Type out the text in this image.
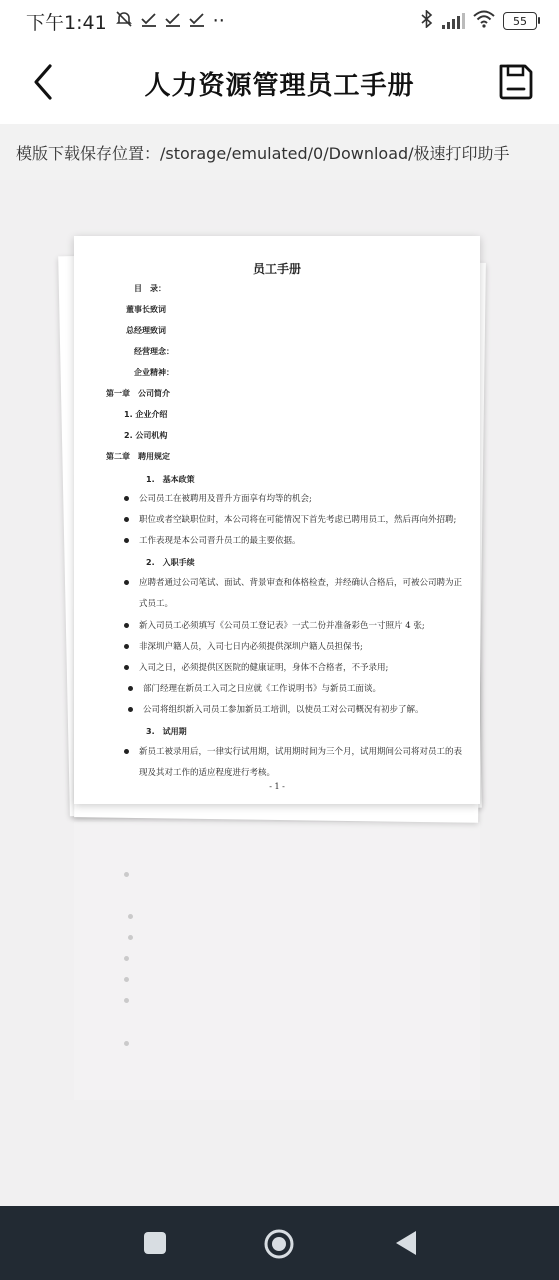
下午1:41	··	55
人力资源管理员工手册
模版下载保存位置：/storage/emulated/0/Download/极速打印助手
员工手册
目　录：
董事长致词
总经理致词
经营理念：
企业精神：
第一章　公司简介
1. 企业介绍
2. 公司机构
第二章　聘用规定
1.　基本政策
公司员工在被聘用及晋升方面享有均等的机会;
职位或者空缺职位时，本公司将在可能情况下首先考虑已聘用员工，然后再向外招聘;
工作表现是本公司晋升员工的最主要依据。
2.　入职手续
应聘者通过公司笔试、面试、背景审查和体格检查，并经确认合格后，可被公司聘为正
式员工。
新入司员工必须填写《公司员工登记表》一式二份并准备彩色一寸照片 4 张;
非深圳户籍人员，入司七日内必须提供深圳户籍人员担保书;
入司之日，必须提供区医院的健康证明，身体不合格者，不予录用;
部门经理在新员工入司之日应就《工作说明书》与新员工面谈。
公司将组织新入司员工参加新员工培训，以使员工对公司概况有初步了解。
3.　试用期
新员工被录用后，一律实行试用期，试用期时间为三个月，试用期间公司将对员工的表
现及其对工作的适应程度进行考核。
- 1 -
